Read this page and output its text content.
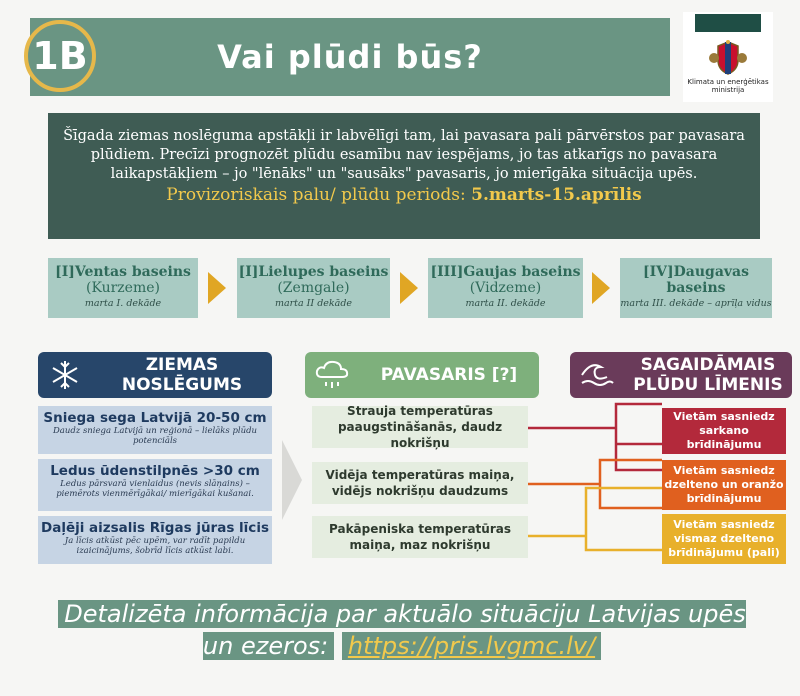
Vai plūdi būs?
1B
Klimata un enerģētikas
ministrija
Šīgada ziemas noslēguma apstākļi ir labvēlīgi tam, lai pavasara pali pārvērstos par pavasara plūdiem. Precīzi prognozēt plūdu esamību nav iespējams, jo tas atkarīgs no pavasara laikapstākļiem – jo "lēnāks" un "sausāks" pavasaris, jo mierīgāka situācija upēs.
Provizoriskais palu/ plūdu periods: 5.marts-15.aprīlis
[I]Ventas baseins
(Kurzeme)
marta I. dekāde
[I]Lielupes baseins (Zemgale)
marta II dekāde
[III]Gaujas baseins (Vidzeme)
marta II. dekāde
[IV]Daugavas baseins
marta III. dekāde – aprīļa vidus
ZIEMAS NOSLĒGUMS	PAVASARIS [?]	SAGAIDĀMAIS PLŪDU LĪMENIS
Sniega sega Latvijā 20-50 cm
Daudz sniega Latvijā un reģionā – lielāks plūdu potenciāls
Ledus ūdenstilpnēs >30 cm
Ledus pārsvarā vienlaidus (nevis slāņains) – piemērots vienmērīgākai/ mierīgākai kušanai.
Daļēji aizsalis Rīgas jūras līcis
Ja līcis atkūst pēc upēm, var radīt papildu izaicinājums, šobrīd līcis atkūst labi.
Strauja temperatūras paaugstināšanās, daudz nokrišņu
Vidēja temperatūras maiņa, vidējs nokrišņu daudzums
Pakāpeniska temperatūras maiņa, maz nokrišņu
Vietām sasniedz sarkano brīdinājumu
Vietām sasniedz dzelteno un oranžo brīdinājumu
Vietām sasniedz vismaz dzelteno brīdinājumu (pali)
Detalizēta informācija par aktuālo situāciju Latvijas upēs un ezeros: https://pris.lvgmc.lv/
